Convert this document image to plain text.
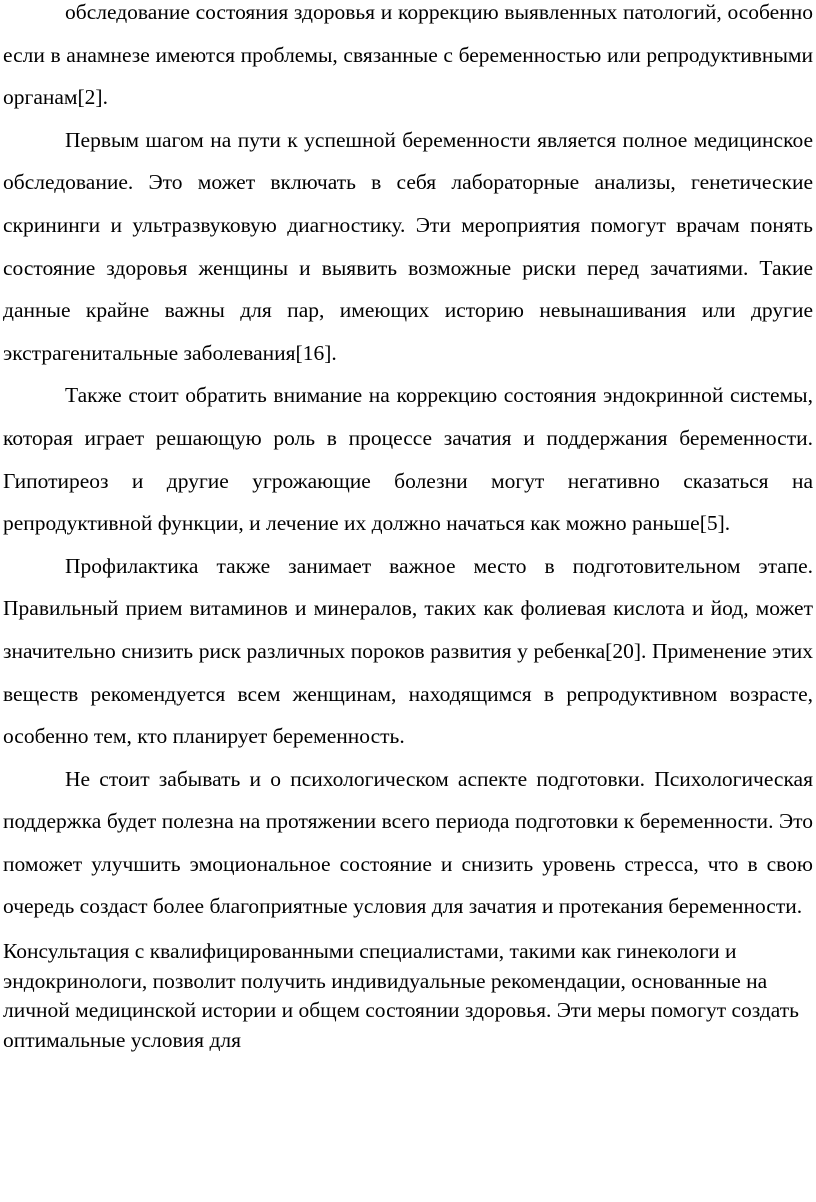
обследование состояния здоровья и коррекцию выявленных патологий, особенно если в анамнезе имеются проблемы, связанные с беременностью или репродуктивными органам[2].

Первым шагом на пути к успешной беременности является полное медицинское обследование. Это может включать в себя лабораторные анализы, генетические скрининги и ультразвуковую диагностику. Эти мероприятия помогут врачам понять состояние здоровья женщины и выявить возможные риски перед зачатиями. Такие данные крайне важны для пар, имеющих историю невынашивания или другие экстрагенитальные заболевания[16].

Также стоит обратить внимание на коррекцию состояния эндокринной системы, которая играет решающую роль в процессе зачатия и поддержания беременности. Гипотиреоз и другие угрожающие болезни могут негативно сказаться на репродуктивной функции, и лечение их должно начаться как можно раньше[5].

Профилактика также занимает важное место в подготовительном этапе. Правильный прием витаминов и минералов, таких как фолиевая кислота и йод, может значительно снизить риск различных пороков развития у ребенка[20]. Применение этих веществ рекомендуется всем женщинам, находящимся в репродуктивном возрасте, особенно тем, кто планирует беременность.

Не стоит забывать и о психологическом аспекте подготовки. Психологическая поддержка будет полезна на протяжении всего периода подготовки к беременности. Это поможет улучшить эмоциональное состояние и снизить уровень стресса, что в свою очередь создаст более благоприятные условия для зачатия и протекания беременности.

Консультация с квалифицированными специалистами, такими как гинекологи и эндокринологи, позволит получить индивидуальные рекомендации, основанные на личной медицинской истории и общем состоянии здоровья. Эти меры помогут создать оптимальные условия для
